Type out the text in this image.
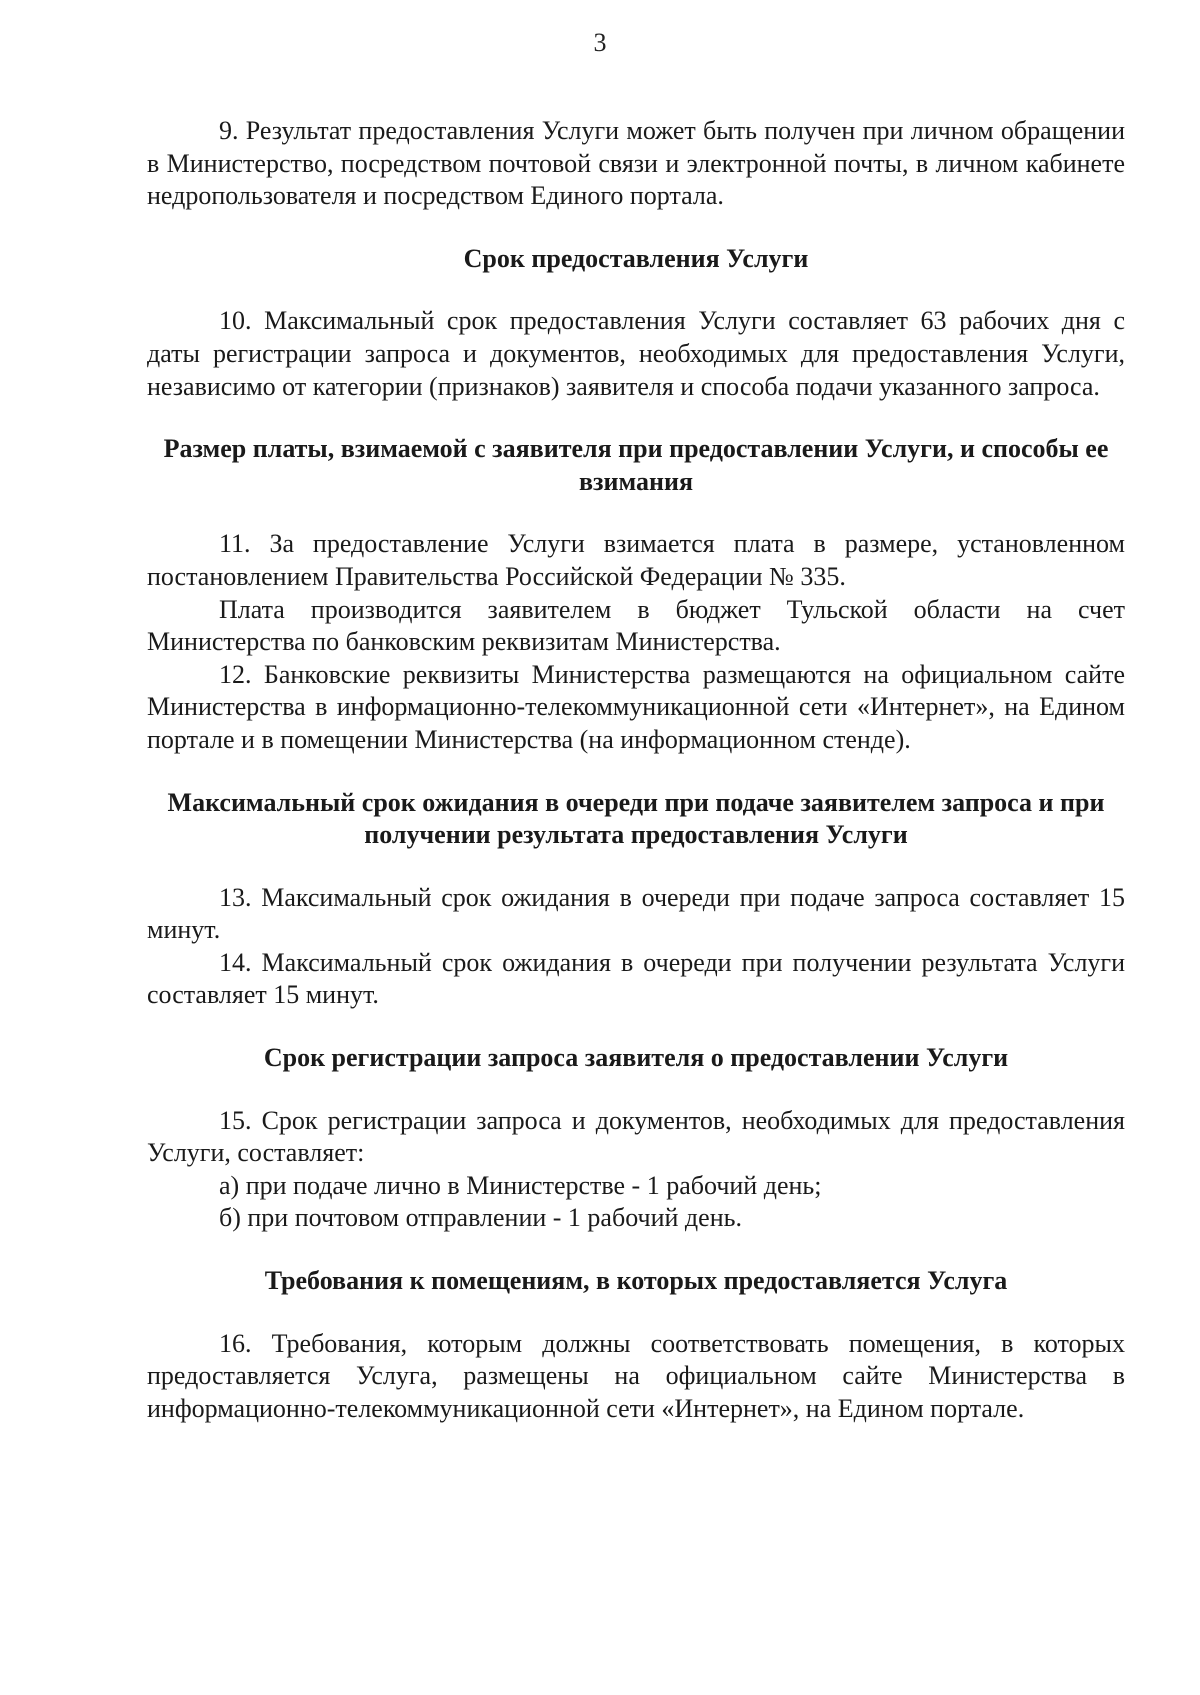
3

9. Результат предоставления Услуги может быть получен при личном обращении в Министерство, посредством почтовой связи и электронной почты, в личном кабинете недропользователя и посредством Единого портала.

Срок предоставления Услуги

10. Максимальный срок предоставления Услуги составляет 63 рабочих дня с даты регистрации запроса и документов, необходимых для предоставления Услуги, независимо от категории (признаков) заявителя и способа подачи указанного запроса.

Размер платы, взимаемой с заявителя при предоставлении Услуги, и способы ее взимания

11. За предоставление Услуги взимается плата в размере, установленном постановлением Правительства Российской Федерации № 335.

Плата производится заявителем в бюджет Тульской области на счет Министерства по банковским реквизитам Министерства.

12. Банковские реквизиты Министерства размещаются на официальном сайте Министерства в информационно-телекоммуникационной сети «Интернет», на Едином портале и в помещении Министерства (на информационном стенде).

Максимальный срок ожидания в очереди при подаче заявителем запроса и при получении результата предоставления Услуги

13. Максимальный срок ожидания в очереди при подаче запроса составляет 15 минут.

14. Максимальный срок ожидания в очереди при получении результата Услуги составляет 15 минут.

Срок регистрации запроса заявителя о предоставлении Услуги

15. Срок регистрации запроса и документов, необходимых для предоставления Услуги, составляет:

а) при подаче лично в Министерстве - 1 рабочий день;

б) при почтовом отправлении - 1 рабочий день.

Требования к помещениям, в которых предоставляется Услуга

16. Требования, которым должны соответствовать помещения, в которых предоставляется Услуга, размещены на официальном сайте Министерства в информационно-телекоммуникационной сети «Интернет», на Едином портале.
